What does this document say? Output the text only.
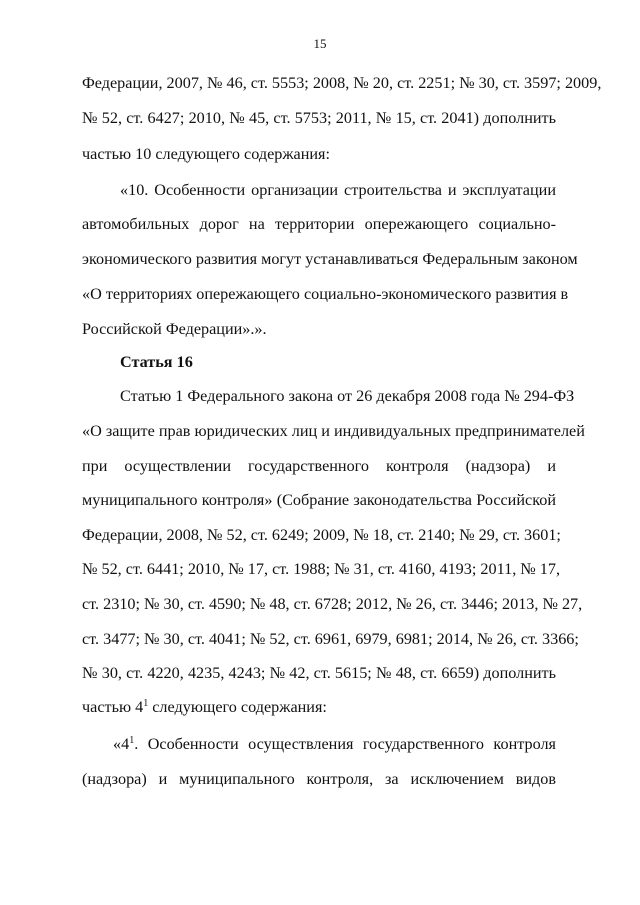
15
Федерации, 2007, № 46, ст. 5553; 2008, № 20, ст. 2251; № 30, ст. 3597; 2009,
№ 52, ст. 6427; 2010, № 45, ст. 5753; 2011, № 15, ст. 2041) дополнить
частью 10 следующего содержания:
«10. Особенности организации строительства и эксплуатации
автомобильных дорог на территории опережающего социально-
экономического развития могут устанавливаться Федеральным законом
«О территориях опережающего социально-экономического развития в
Российской Федерации».».
Статья 16
Статью 1 Федерального закона от 26 декабря 2008 года № 294-ФЗ
«О защите прав юридических лиц и индивидуальных предпринимателей
при осуществлении государственного контроля (надзора) и
муниципального контроля» (Собрание законодательства Российской
Федерации, 2008, № 52, ст. 6249; 2009, № 18, ст. 2140; № 29, ст. 3601;
№ 52, ст. 6441; 2010, № 17, ст. 1988; № 31, ст. 4160, 4193; 2011, № 17,
ст. 2310; № 30, ст. 4590; № 48, ст. 6728; 2012, № 26, ст. 3446; 2013, № 27,
ст. 3477; № 30, ст. 4041; № 52, ст. 6961, 6979, 6981; 2014, № 26, ст. 3366;
№ 30, ст. 4220, 4235, 4243; № 42, ст. 5615; № 48, ст. 6659) дополнить
частью $4^1$ следующего содержания:
«$4^1$. Особенности осуществления государственного контроля
(надзора) и муниципального контроля, за исключением видов
